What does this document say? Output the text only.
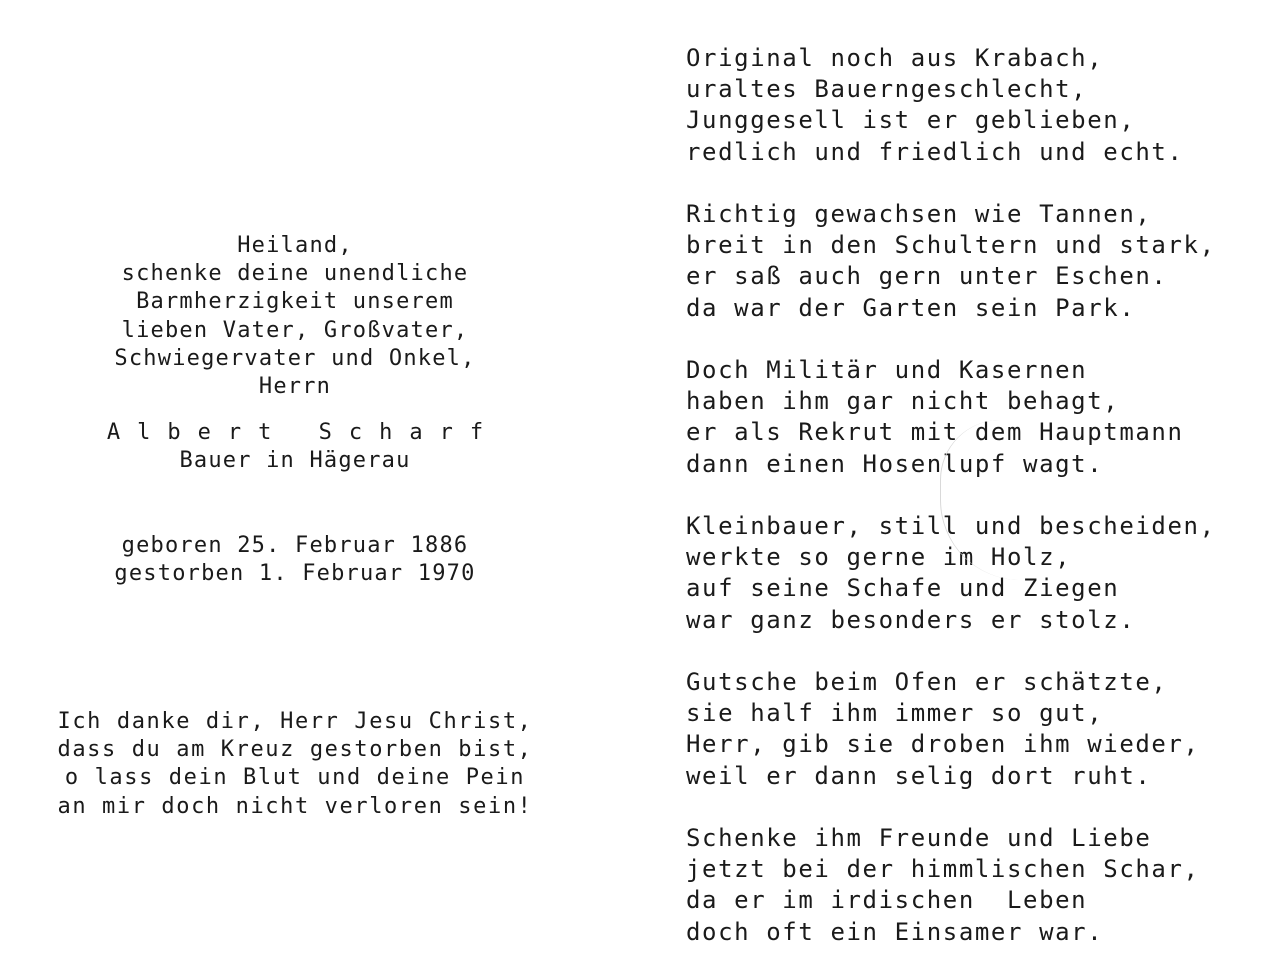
Heiland,
schenke deine unendliche
Barmherzigkeit unserem
lieben Vater, Großvater,
Schwiegervater und Onkel,
Herrn
Albert Scharf
Bauer in Hägerau
geboren 25. Februar 1886
gestorben 1. Februar 1970
Ich danke dir, Herr Jesu Christ,
dass du am Kreuz gestorben bist,
o lass dein Blut und deine Pein
an mir doch nicht verloren sein!
Original noch aus Krabach,
uraltes Bauerngeschlecht,
Junggesell ist er geblieben,
redlich und friedlich und echt.
Richtig gewachsen wie Tannen,
breit in den Schultern und stark,
er saß auch gern unter Eschen.
da war der Garten sein Park.
Doch Militär und Kasernen
haben ihm gar nicht behagt,
er als Rekrut mit dem Hauptmann
dann einen Hosenlupf wagt.
Kleinbauer, still und bescheiden,
werkte so gerne im Holz,
auf seine Schafe und Ziegen
war ganz besonders er stolz.
Gutsche beim Ofen er schätzte,
sie half ihm immer so gut,
Herr, gib sie droben ihm wieder,
weil er dann selig dort ruht.
Schenke ihm Freunde und Liebe
jetzt bei der himmlischen Schar,
da er im irdischen  Leben
doch oft ein Einsamer war.
